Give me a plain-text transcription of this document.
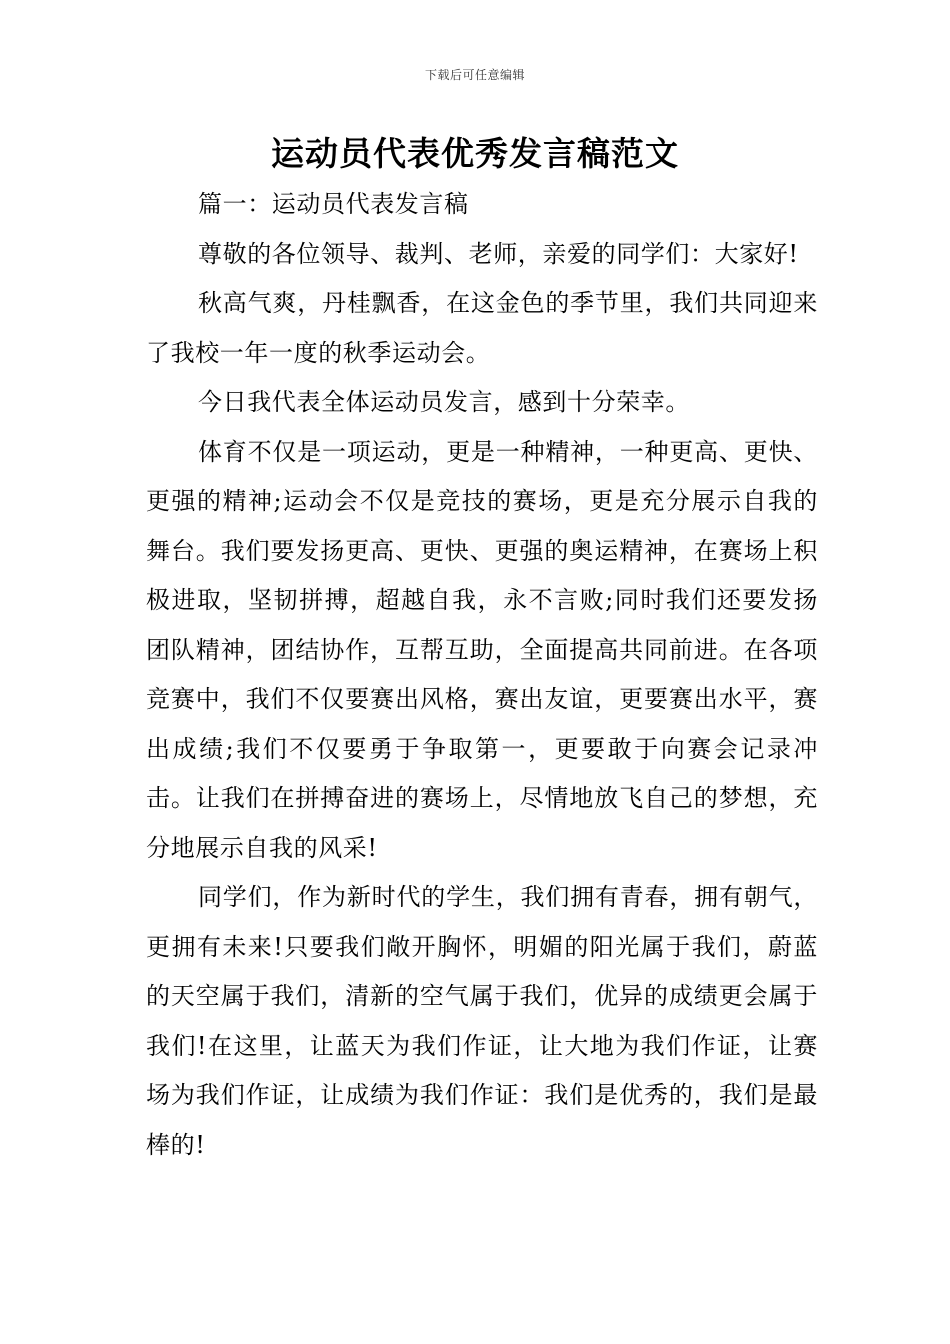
下载后可任意编辑
运动员代表优秀发言稿范文

篇一：运动员代表发言稿

尊敬的各位领导、裁判、老师，亲爱的同学们：大家好!

秋高气爽，丹桂飘香，在这金色的季节里，我们共同迎来了我校一年一度的秋季运动会。

今日我代表全体运动员发言，感到十分荣幸。

体育不仅是一项运动，更是一种精神，一种更高、更快、更强的精神;运动会不仅是竞技的赛场，更是充分展示自我的舞台。我们要发扬更高、更快、更强的奥运精神，在赛场上积极进取，坚韧拼搏，超越自我，永不言败;同时我们还要发扬团队精神，团结协作，互帮互助，全面提高共同前进。在各项竞赛中，我们不仅要赛出风格，赛出友谊，更要赛出水平，赛出成绩;我们不仅要勇于争取第一，更要敢于向赛会记录冲击。让我们在拼搏奋进的赛场上，尽情地放飞自己的梦想，充分地展示自我的风采!

同学们，作为新时代的学生，我们拥有青春，拥有朝气，更拥有未来!只要我们敞开胸怀，明媚的阳光属于我们，蔚蓝的天空属于我们，清新的空气属于我们，优异的成绩更会属于我们!在这里，让蓝天为我们作证，让大地为我们作证，让赛场为我们作证，让成绩为我们作证：我们是优秀的，我们是最棒的!
